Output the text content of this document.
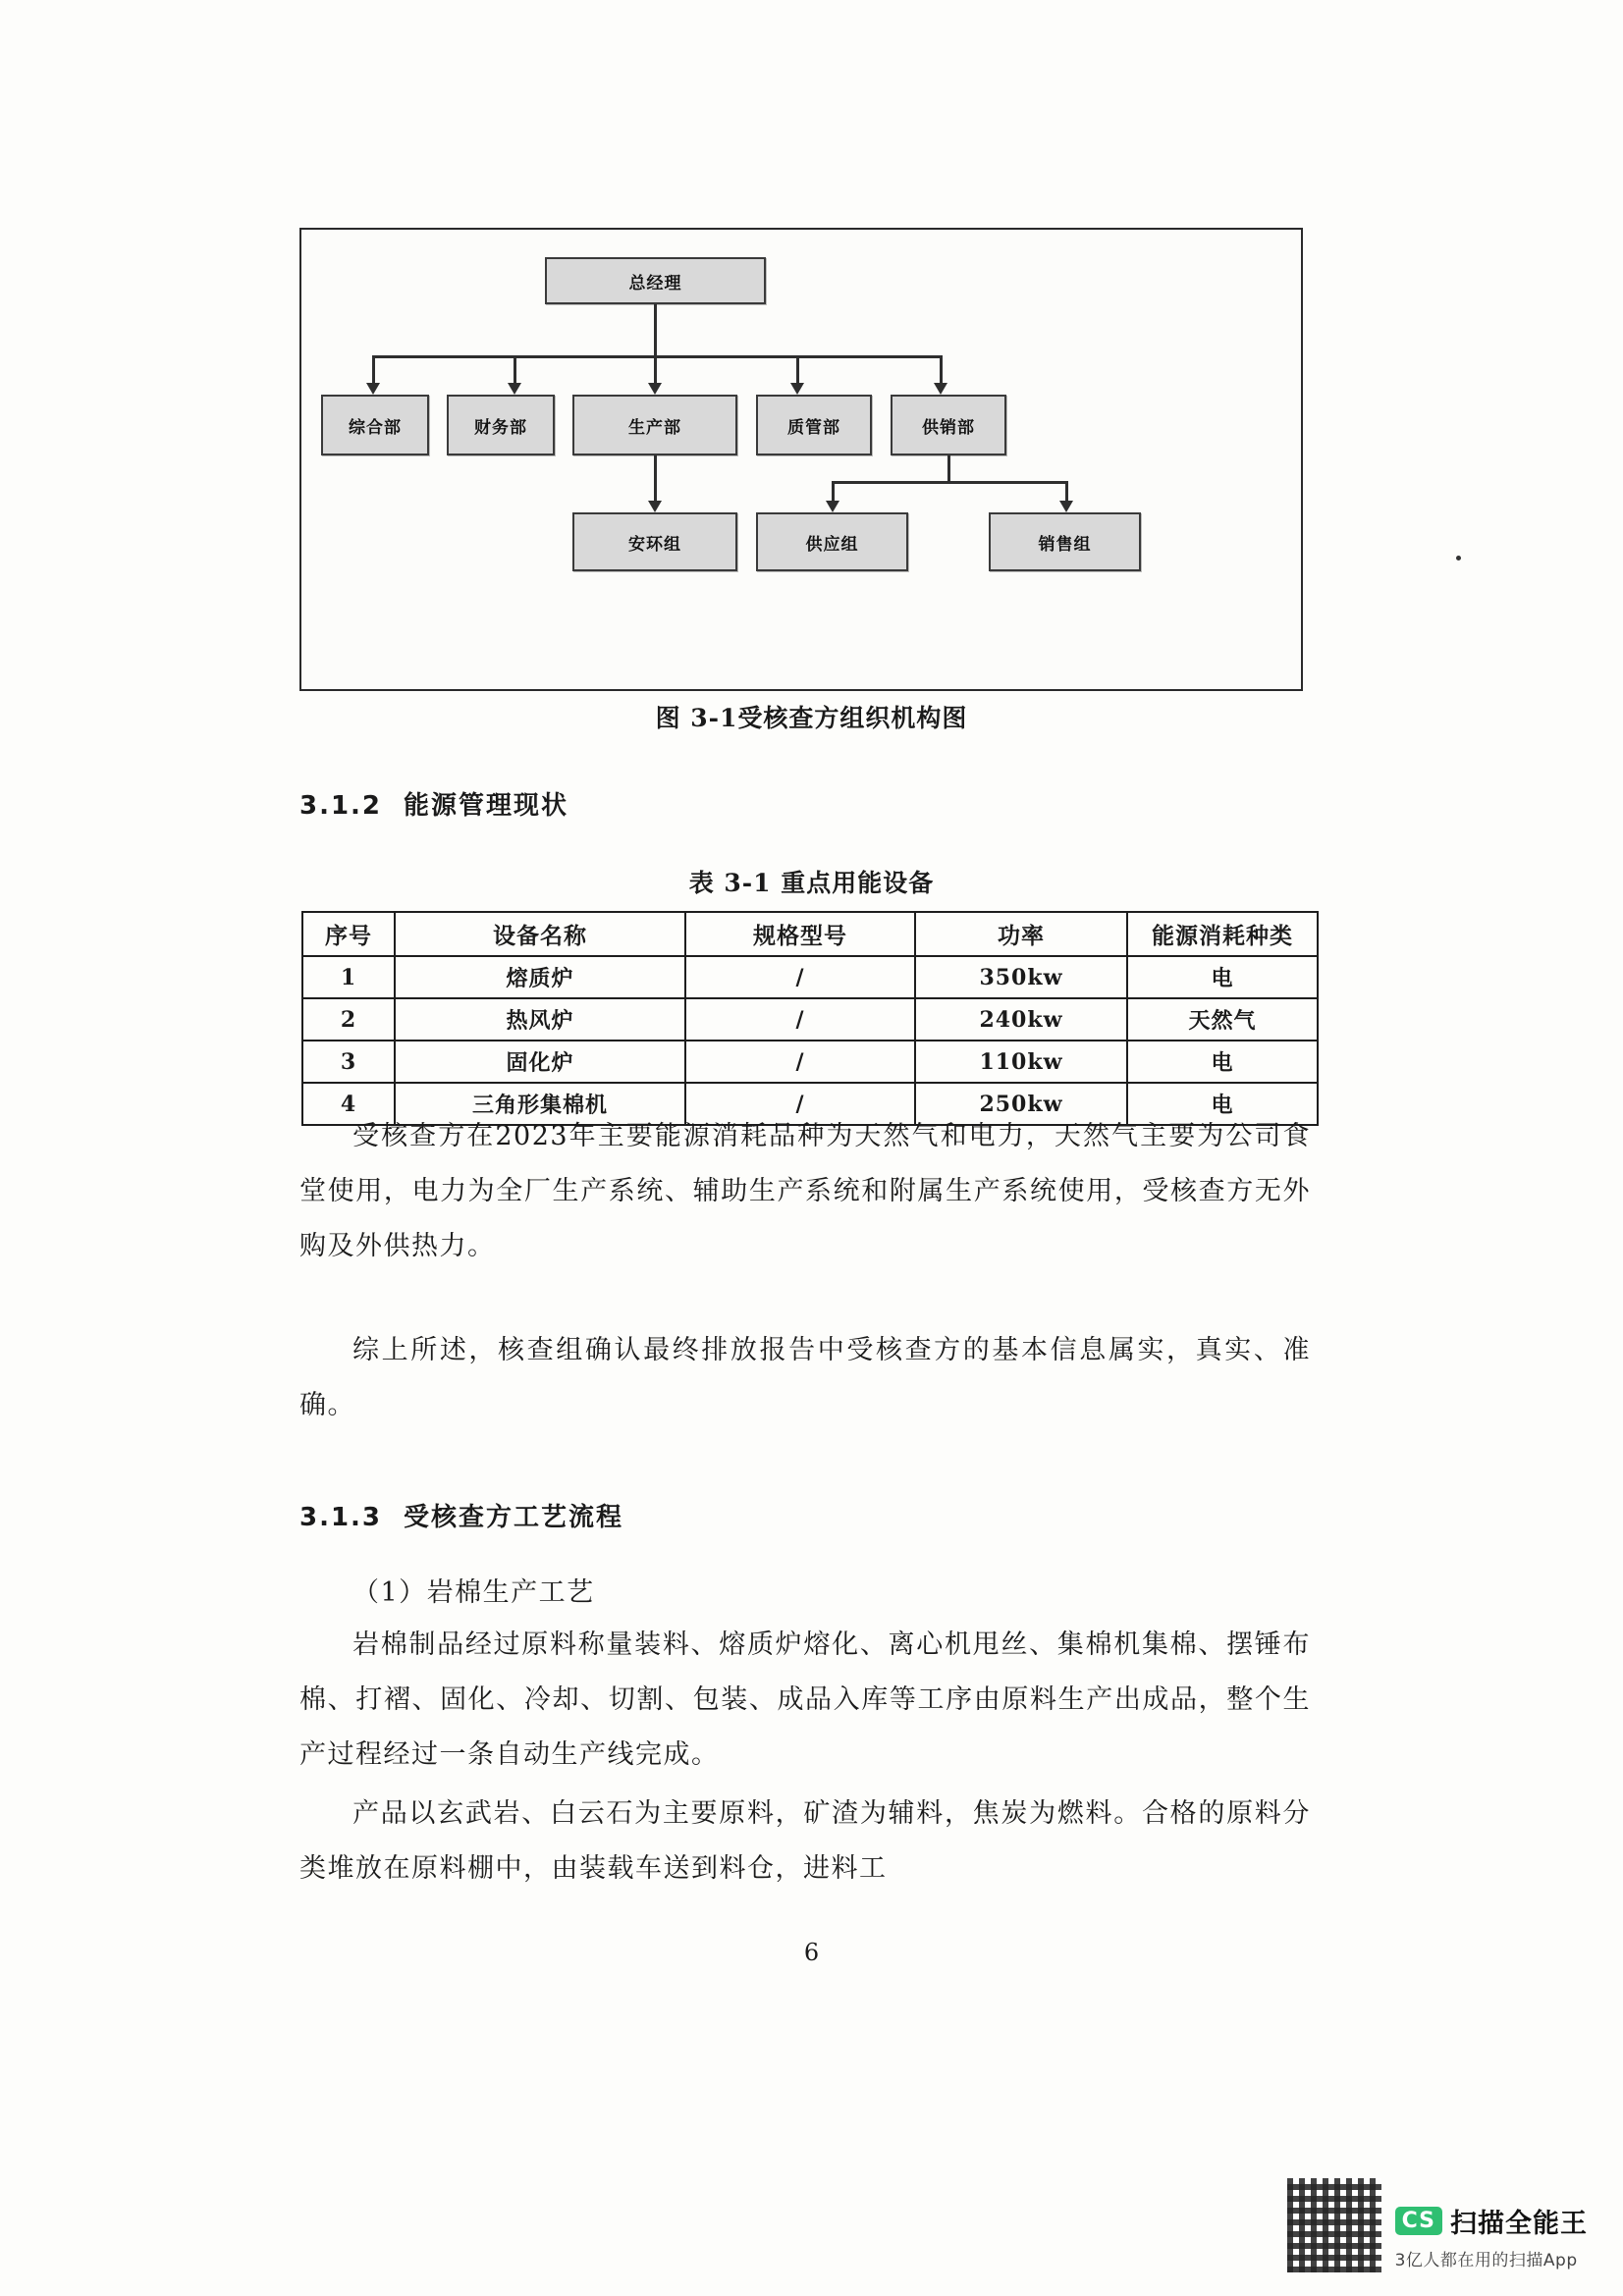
总经理
综合部	财务部	生产部	质管部	供销部
安环组	供应组	销售组
图 3-1受核查方组织机构图
3.1.2 能源管理现状
表 3-1 重点用能设备
序号	设备名称	规格型号	功率	能源消耗种类
1	熔质炉	/	350kw	电
2	热风炉	/	240kw	天然气
3	固化炉	/	110kw	电
4	三角形集棉机	/	250kw	电
受核查方在2023年主要能源消耗品种为天然气和电力，天然气主要为公司食堂使用，电力为全厂生产系统、辅助生产系统和附属生产系统使用，受核查方无外购及外供热力。
综上所述，核查组确认最终排放报告中受核查方的基本信息属实，真实、准确。
3.1.3 受核查方工艺流程
（1）岩棉生产工艺
岩棉制品经过原料称量装料、熔质炉熔化、离心机甩丝、集棉机集棉、摆锤布棉、打褶、固化、冷却、切割、包装、成品入库等工序由原料生产出成品，整个生产过程经过一条自动生产线完成。
产品以玄武岩、白云石为主要原料，矿渣为辅料，焦炭为燃料。合格的原料分类堆放在原料棚中，由装载车送到料仓，进料工
6
CS 扫描全能王
3亿人都在用的扫描App
